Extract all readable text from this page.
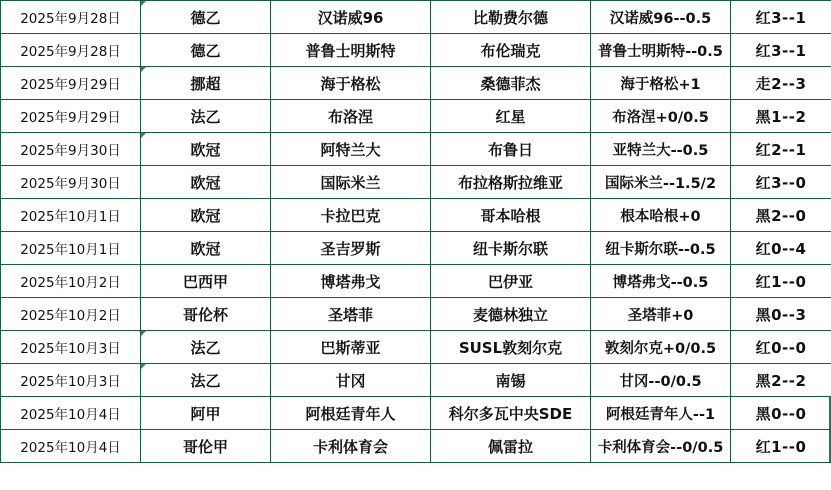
2025年9月28日	德乙	汉诺威96	比勒费尔德	汉诺威96--0.5	红3--1
2025年9月28日	德乙	普鲁士明斯特	布伦瑞克	普鲁士明斯特--0.5	红3--1
2025年9月29日	挪超	海于格松	桑德菲杰	海于格松+1	走2--3
2025年9月29日	法乙	布洛涅	红星	布洛涅+0/0.5	黑1--2
2025年9月30日	欧冠	阿特兰大	布鲁日	亚特兰大--0.5	红2--1
2025年9月30日	欧冠	国际米兰	布拉格斯拉维亚	国际米兰--1.5/2	红3--0
2025年10月1日	欧冠	卡拉巴克	哥本哈根	根本哈根+0	黑2--0
2025年10月1日	欧冠	圣吉罗斯	纽卡斯尔联	纽卡斯尔联--0.5	红0--4
2025年10月2日	巴西甲	博塔弗戈	巴伊亚	博塔弗戈--0.5	红1--0
2025年10月2日	哥伦杯	圣塔菲	麦德林独立	圣塔菲+0	黑0--3
2025年10月3日	法乙	巴斯蒂亚	SUSL敦刻尔克	敦刻尔克+0/0.5	红0--0
2025年10月3日	法乙	甘冈	南锡	甘冈--0/0.5	黑2--2
2025年10月4日	阿甲	阿根廷青年人	科尔多瓦中央SDE	阿根廷青年人--1	黑0--0
2025年10月4日	哥伦甲	卡利体育会	佩雷拉	卡利体育会--0/0.5	红1--0
